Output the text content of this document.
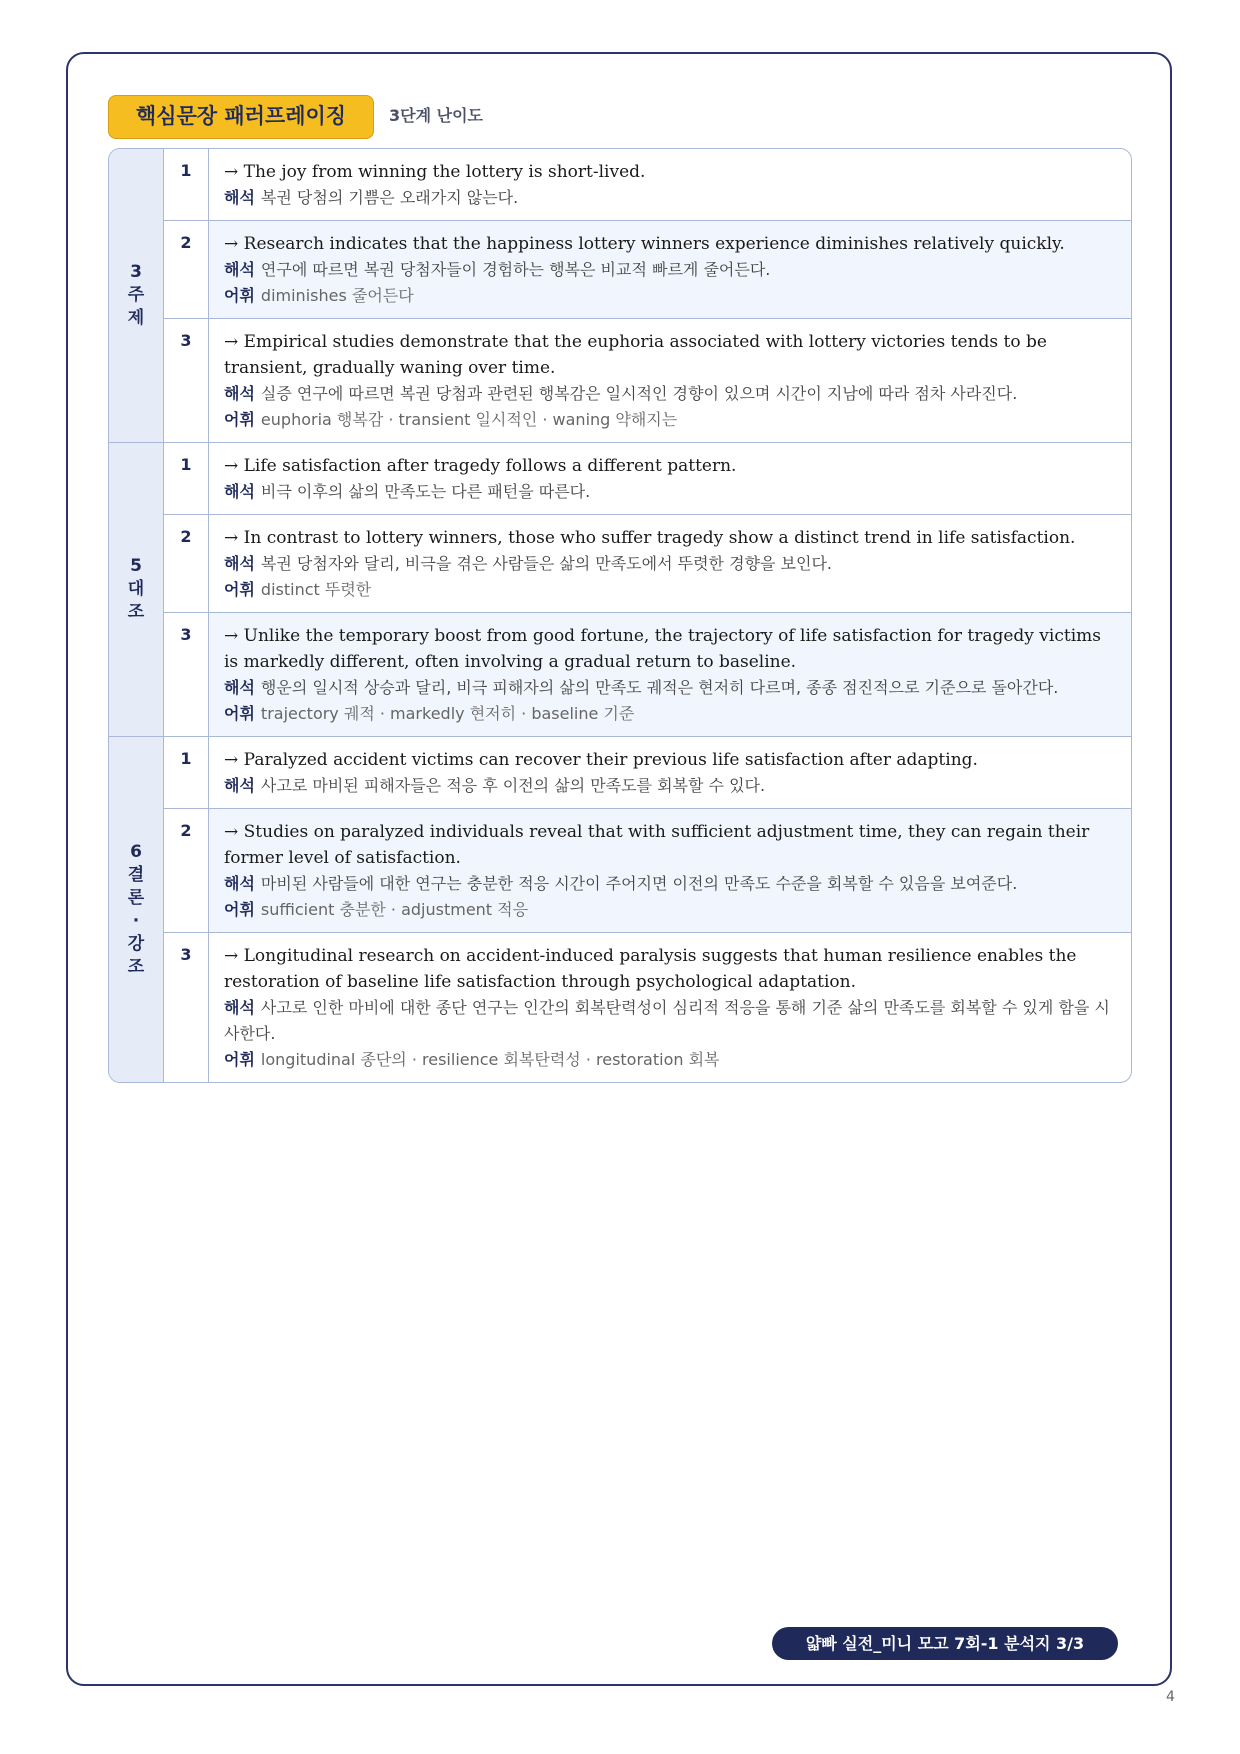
핵심문장 패러프레이징	3단계 난이도
3 주제
1	→ The joy from winning the lottery is short-lived.
해석 복권 당첨의 기쁨은 오래가지 않는다.
2	→ Research indicates that the happiness lottery winners experience diminishes relatively quickly.
해석 연구에 따르면 복권 당첨자들이 경험하는 행복은 비교적 빠르게 줄어든다.
어휘 diminishes 줄어든다
3	→ Empirical studies demonstrate that the euphoria associated with lottery victories tends to be transient, gradually waning over time.
해석 실증 연구에 따르면 복권 당첨과 관련된 행복감은 일시적인 경향이 있으며 시간이 지남에 따라 점차 사라진다.
어휘 euphoria 행복감 · transient 일시적인 · waning 약해지는
5 대조
1	→ Life satisfaction after tragedy follows a different pattern.
해석 비극 이후의 삶의 만족도는 다른 패턴을 따른다.
2	→ In contrast to lottery winners, those who suffer tragedy show a distinct trend in life satisfaction.
해석 복권 당첨자와 달리, 비극을 겪은 사람들은 삶의 만족도에서 뚜렷한 경향을 보인다.
어휘 distinct 뚜렷한
3	→ Unlike the temporary boost from good fortune, the trajectory of life satisfaction for tragedy victims is markedly different, often involving a gradual return to baseline.
해석 행운의 일시적 상승과 달리, 비극 피해자의 삶의 만족도 궤적은 현저히 다르며, 종종 점진적으로 기준으로 돌아간다.
어휘 trajectory 궤적 · markedly 현저히 · baseline 기준
6 결론· 강조
1	→ Paralyzed accident victims can recover their previous life satisfaction after adapting.
해석 사고로 마비된 피해자들은 적응 후 이전의 삶의 만족도를 회복할 수 있다.
2	→ Studies on paralyzed individuals reveal that with sufficient adjustment time, they can regain their former level of satisfaction.
해석 마비된 사람들에 대한 연구는 충분한 적응 시간이 주어지면 이전의 만족도 수준을 회복할 수 있음을 보여준다.
어휘 sufficient 충분한 · adjustment 적응
3	→ Longitudinal research on accident-induced paralysis suggests that human resilience enables the restoration of baseline life satisfaction through psychological adaptation.
해석 사고로 인한 마비에 대한 종단 연구는 인간의 회복탄력성이 심리적 적응을 통해 기준 삶의 만족도를 회복할 수 있게 함을 시사한다.
어휘 longitudinal 종단의 · resilience 회복탄력성 · restoration 회복
얇빠 실전_미니 모고 7회-1 분석지 3/3
4
